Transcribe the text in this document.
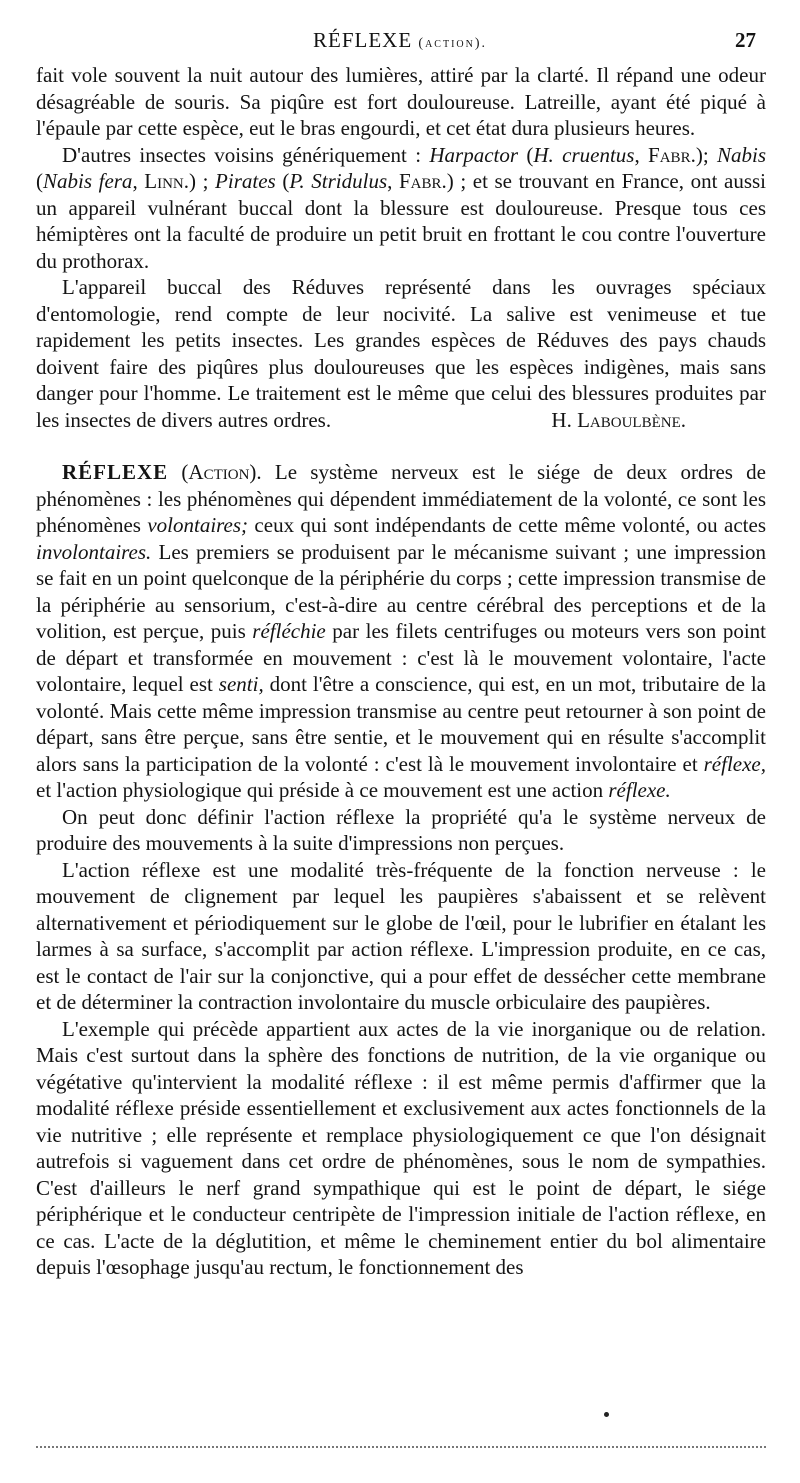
RÉFLEXE (action).	27

fait vole souvent la nuit autour des lumières, attiré par la clarté. Il répand une odeur désagréable de souris. Sa piqûre est fort douloureuse. Latreille, ayant été piqué à l'épaule par cette espèce, eut le bras engourdi, et cet état dura plusieurs heures.

D'autres insectes voisins génériquement : Harpactor (H. cruentus, Fabr.); Nabis (Nabis fera, Linn.) ; Pirates (P. Stridulus, Fabr.) ; et se trouvant en France, ont aussi un appareil vulnérant buccal dont la blessure est douloureuse. Presque tous ces hémiptères ont la faculté de produire un petit bruit en frottant le cou contre l'ouverture du prothorax.

L'appareil buccal des Réduves représenté dans les ouvrages spéciaux d'entomologie, rend compte de leur nocivité. La salive est venimeuse et tue rapidement les petits insectes. Les grandes espèces de Réduves des pays chauds doivent faire des piqûres plus douloureuses que les espèces indigènes, mais sans danger pour l'homme. Le traitement est le même que celui des blessures produites par les insectes de divers autres ordres.	H. Laboulbène.

RÉFLEXE (Action). Le système nerveux est le siége de deux ordres de phénomènes : les phénomènes qui dépendent immédiatement de la volonté, ce sont les phénomènes volontaires; ceux qui sont indépendants de cette même volonté, ou actes involontaires. Les premiers se produisent par le mécanisme suivant ; une impression se fait en un point quelconque de la périphérie du corps ; cette impression transmise de la périphérie au sensorium, c'est-à-dire au centre cérébral des perceptions et de la volition, est perçue, puis réfléchie par les filets centrifuges ou moteurs vers son point de départ et transformée en mouvement : c'est là le mouvement volontaire, l'acte volontaire, lequel est senti, dont l'être a conscience, qui est, en un mot, tributaire de la volonté. Mais cette même impression transmise au centre peut retourner à son point de départ, sans être perçue, sans être sentie, et le mouvement qui en résulte s'accomplit alors sans la participation de la volonté : c'est là le mouvement involontaire et réflexe, et l'action physiologique qui préside à ce mouvement est une action réflexe.

On peut donc définir l'action réflexe la propriété qu'a le système nerveux de produire des mouvements à la suite d'impressions non perçues.

L'action réflexe est une modalité très-fréquente de la fonction nerveuse : le mouvement de clignement par lequel les paupières s'abaissent et se relèvent alternativement et périodiquement sur le globe de l'œil, pour le lubrifier en étalant les larmes à sa surface, s'accomplit par action réflexe. L'impression produite, en ce cas, est le contact de l'air sur la conjonctive, qui a pour effet de dessécher cette membrane et de déterminer la contraction involontaire du muscle orbiculaire des paupières.

L'exemple qui précède appartient aux actes de la vie inorganique ou de relation. Mais c'est surtout dans la sphère des fonctions de nutrition, de la vie organique ou végétative qu'intervient la modalité réflexe : il est même permis d'affirmer que la modalité réflexe préside essentiellement et exclusivement aux actes fonctionnels de la vie nutritive ; elle représente et remplace physiologiquement ce que l'on désignait autrefois si vaguement dans cet ordre de phénomènes, sous le nom de sympathies. C'est d'ailleurs le nerf grand sympathique qui est le point de départ, le siége périphérique et le conducteur centripète de l'impression initiale de l'action réflexe, en ce cas. L'acte de la déglutition, et même le cheminement entier du bol alimentaire depuis l'œsophage jusqu'au rectum, le fonctionnement des
